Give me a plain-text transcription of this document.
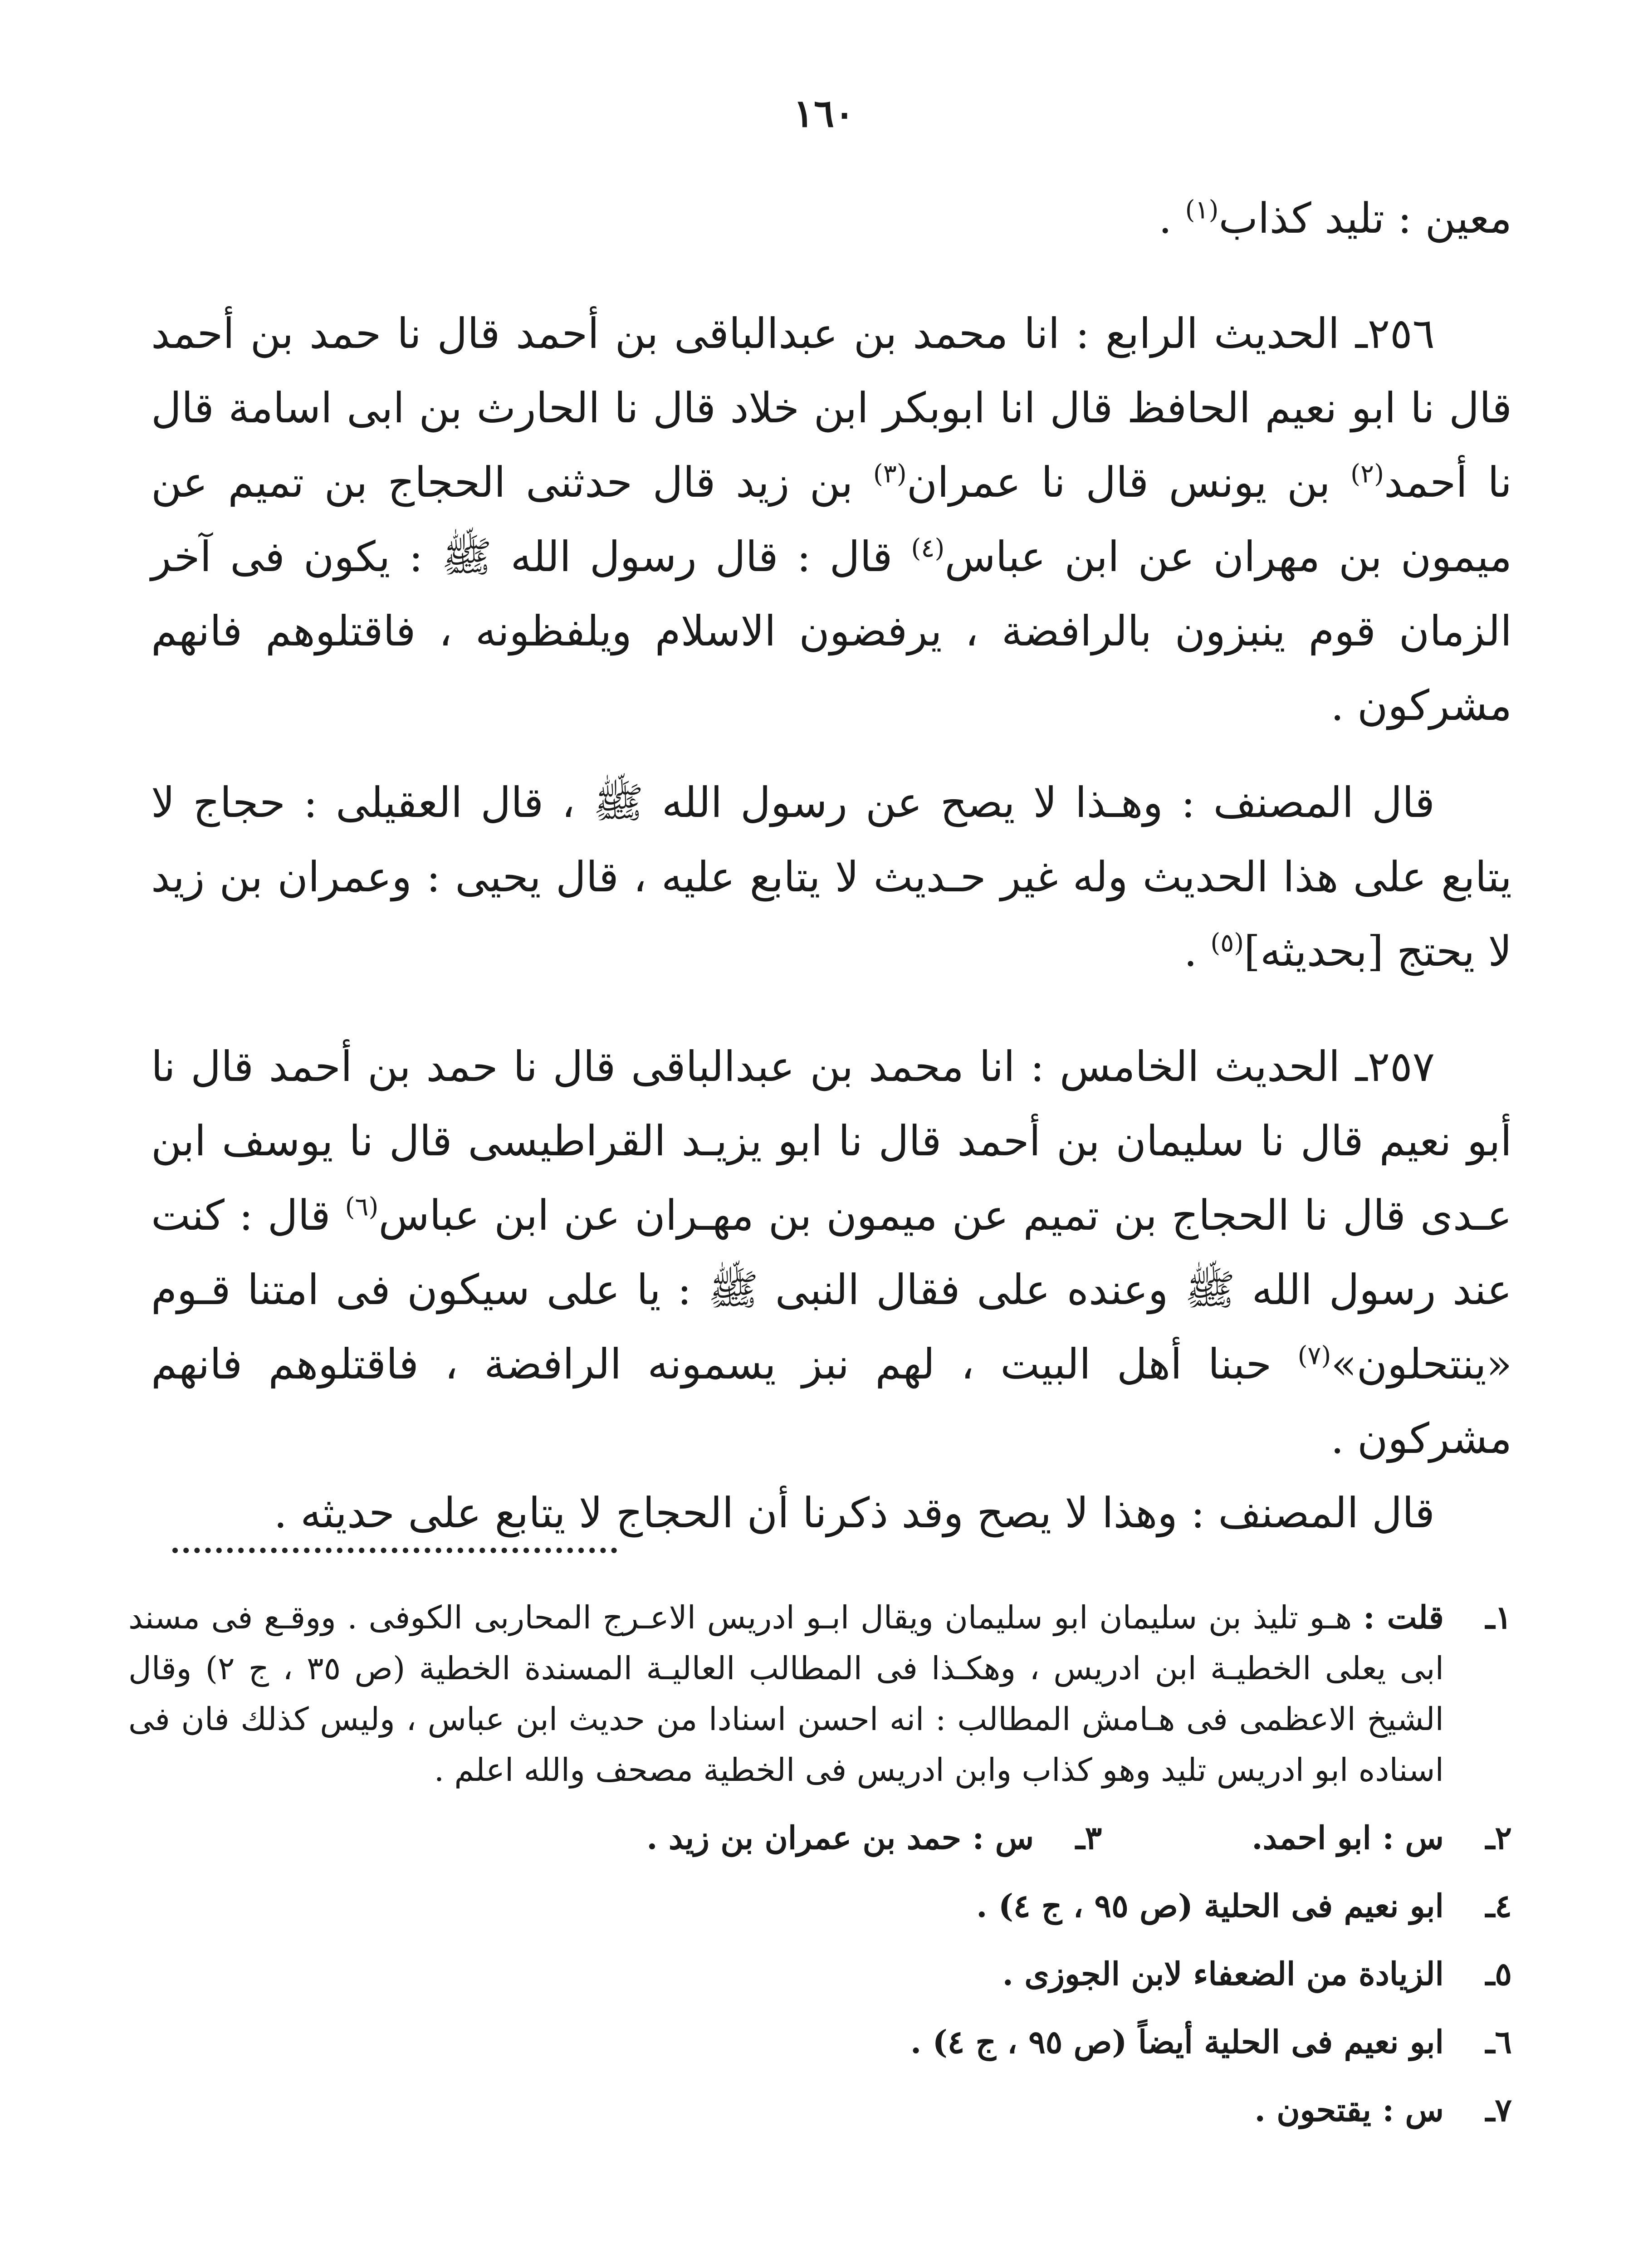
١٦٠

معين : تليد كذاب$^{(١)}$ .

٢٥٦ـ الحديث الرابع : انا محمد بن عبدالباقى بن أحمد قال نا حمد بن أحمد قال نا ابو نعيم الحافظ قال انا ابوبكر ابن خلاد قال نا الحارث بن ابى اسامة قال نا أحمد$^{(٢)}$ بن يونس قال نا عمران$^{(٣)}$ بن زيد قال حدثنى الحجاج بن تميم عن ميمون بن مهران عن ابن عباس$^{(٤)}$ قال : قال رسول الله ﷺ : يكون فى آخر الزمان قوم ينبزون بالرافضة ، يرفضون الاسلام ويلفظونه ، فاقتلوهم فانهم مشركون .

قال المصنف : وهـذا لا يصح عن رسول الله ﷺ ، قال العقيلى : حجاج لا يتابع على هذا الحديث وله غير حـديث لا يتابع عليه ، قال يحيى : وعمران بن زيد لا يحتج [بحديثه]$^{(٥)}$ .

٢٥٧ـ الحديث الخامس : انا محمد بن عبدالباقى قال نا حمد بن أحمد قال نا أبو نعيم قال نا سليمان بن أحمد قال نا ابو يزيـد القراطيسى قال نا يوسف ابن عـدى قال نا الحجاج بن تميم عن ميمون بن مهـران عن ابن عباس$^{(٦)}$ قال : كنت عند رسول الله ﷺ وعنده على فقال النبى ﷺ : يا على سيكون فى امتنا قـوم «ينتحلون»$^{(٧)}$ حبنا أهل البيت ، لهم نبز يسمونه الرافضة ، فاقتلوهم فانهم مشركون .

قال المصنف : وهذا لا يصح وقد ذكرنا أن الحجاج لا يتابع على حديثه .

١ـ
قلت : هـو تليذ بن سليمان ابو سليمان ويقال ابـو ادريس الاعـرج المحاربى الكوفى . ووقـع فى مسند ابى يعلى الخطيـة ابن ادريس ، وهكـذا فى المطالب العاليـة المسندة الخطية (ص ٣٥ ، ج ٢) وقال الشيخ الاعظمى فى هـامش المطالب : انه احسن اسنادا من حديث ابن عباس ، وليس كذلك فان فى اسناده ابو ادريس تليد وهو كذاب وابن ادريس فى الخطية مصحف والله اعلم .
٢ـ
س : ابو احمد.
٣ـ
س : حمد بن عمران بن زيد .
٤ـ
ابو نعيم فى الحلية (ص ٩٥ ، ج ٤) .
٥ـ
الزيادة من الضعفاء لابن الجوزى .
٦ـ
ابو نعيم فى الحلية أيضاً (ص ٩٥ ، ج ٤) .
٧ـ
س : يقتحون .
